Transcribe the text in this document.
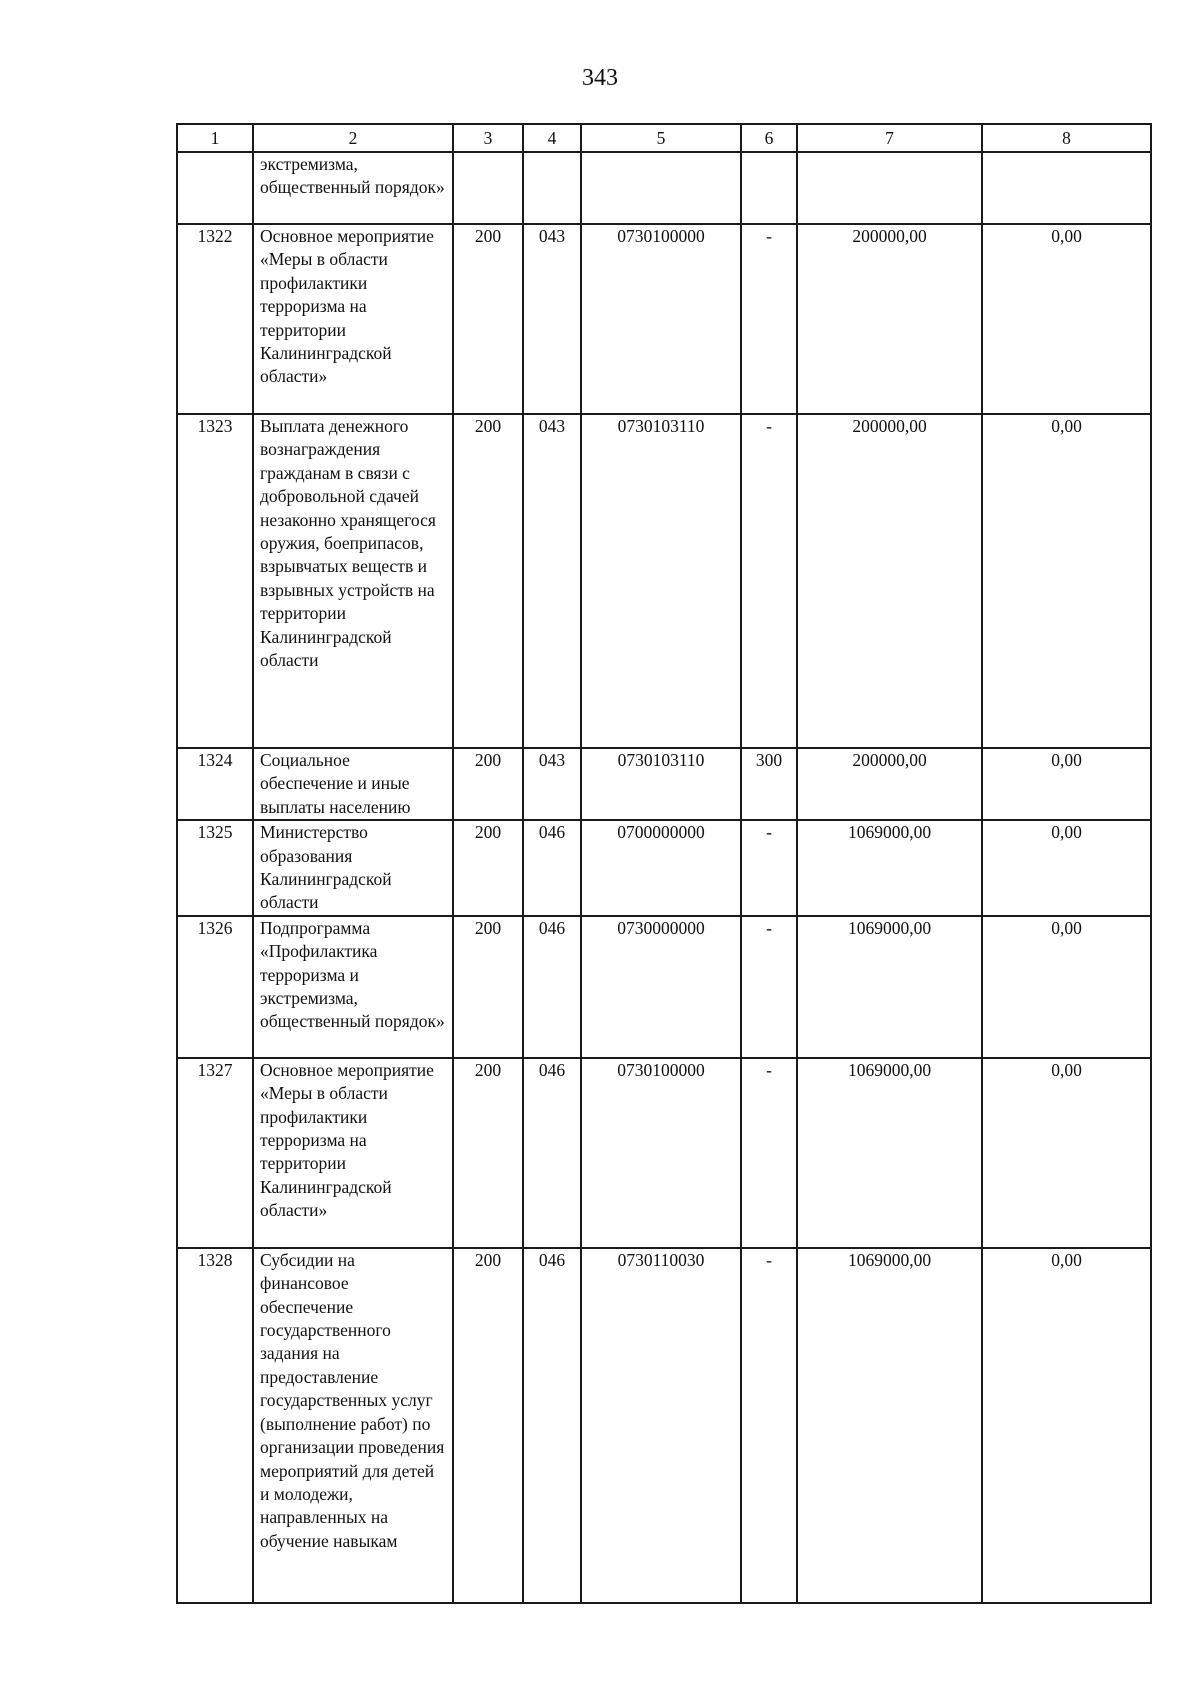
343
1	2	3	4	5	6	7	8
	экстремизма, общественный порядок»						
1322	Основное мероприятие «Меры в области профилактики терроризма на территории Калининградской области»	200	043	0730100000	-	200000,00	0,00
1323	Выплата денежного вознаграждения гражданам в связи с добровольной сдачей незаконно хранящегося оружия, боеприпасов, взрывчатых веществ и взрывных устройств на территории Калининградской области	200	043	0730103110	-	200000,00	0,00
1324	Социальное обеспечение и иные выплаты населению	200	043	0730103110	300	200000,00	0,00
1325	Министерство образования Калининградской области	200	046	0700000000	-	1069000,00	0,00
1326	Подпрограмма «Профилактика терроризма и экстремизма, общественный порядок»	200	046	0730000000	-	1069000,00	0,00
1327	Основное мероприятие «Меры в области профилактики терроризма на территории Калининградской области»	200	046	0730100000	-	1069000,00	0,00
1328	Субсидии на финансовое обеспечение государственного задания на предоставление государственных услуг (выполнение работ) по организации проведения мероприятий для детей и молодежи, направленных на обучение навыкам	200	046	0730110030	-	1069000,00	0,00
